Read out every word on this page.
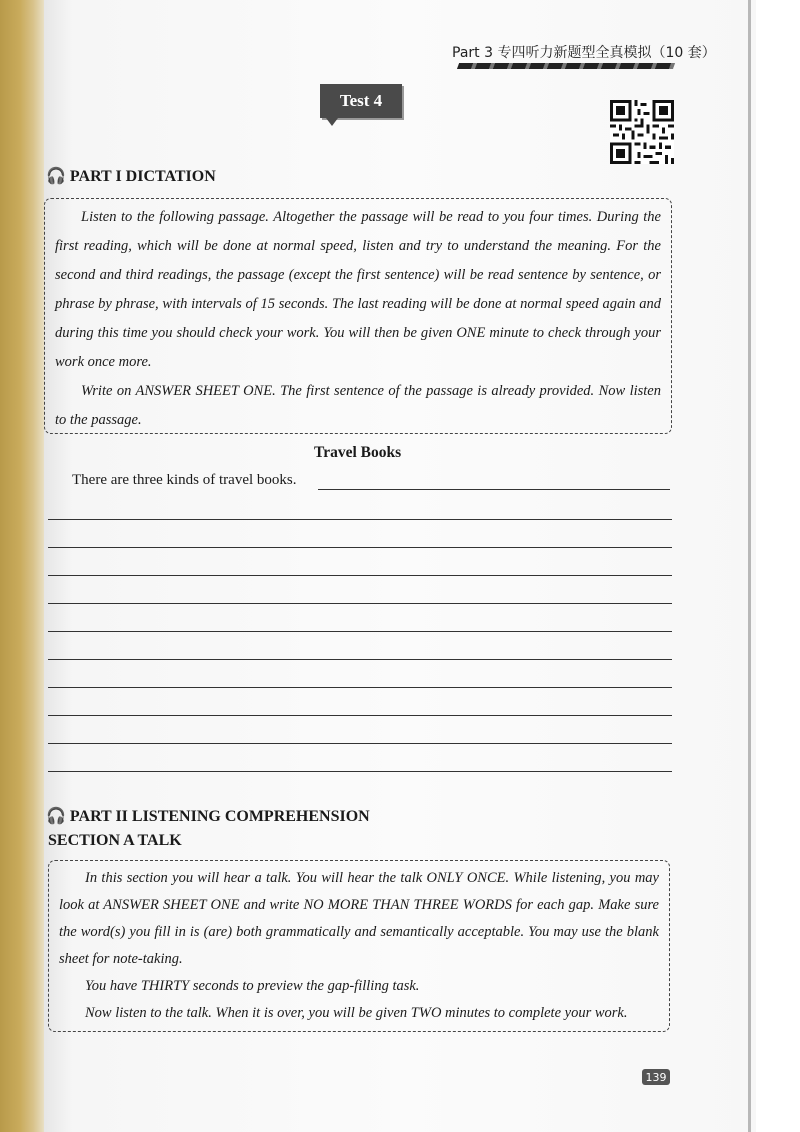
Part 3 专四听力新题型全真模拟（10 套）
Test 4
🎧 PART I DICTATION

Listen to the following passage. Altogether the passage will be read to you four times. During the first reading, which will be done at normal speed, listen and try to understand the meaning. For the second and third readings, the passage (except the first sentence) will be read sentence by sentence, or phrase by phrase, with intervals of 15 seconds. The last reading will be done at normal speed again and during this time you should check your work. You will then be given ONE minute to check through your work once more.

Write on ANSWER SHEET ONE. The first sentence of the passage is already provided. Now listen to the passage.

Travel Books
There are three kinds of travel books.
🎧 PART II LISTENING COMPREHENSION
SECTION A TALK

In this section you will hear a talk. You will hear the talk ONLY ONCE. While listening, you may look at ANSWER SHEET ONE and write NO MORE THAN THREE WORDS for each gap. Make sure the word(s) you fill in is (are) both grammatically and semantically acceptable. You may use the blank sheet for note-taking.

You have THIRTY seconds to preview the gap-filling task.

Now listen to the talk. When it is over, you will be given TWO minutes to complete your work.

139
